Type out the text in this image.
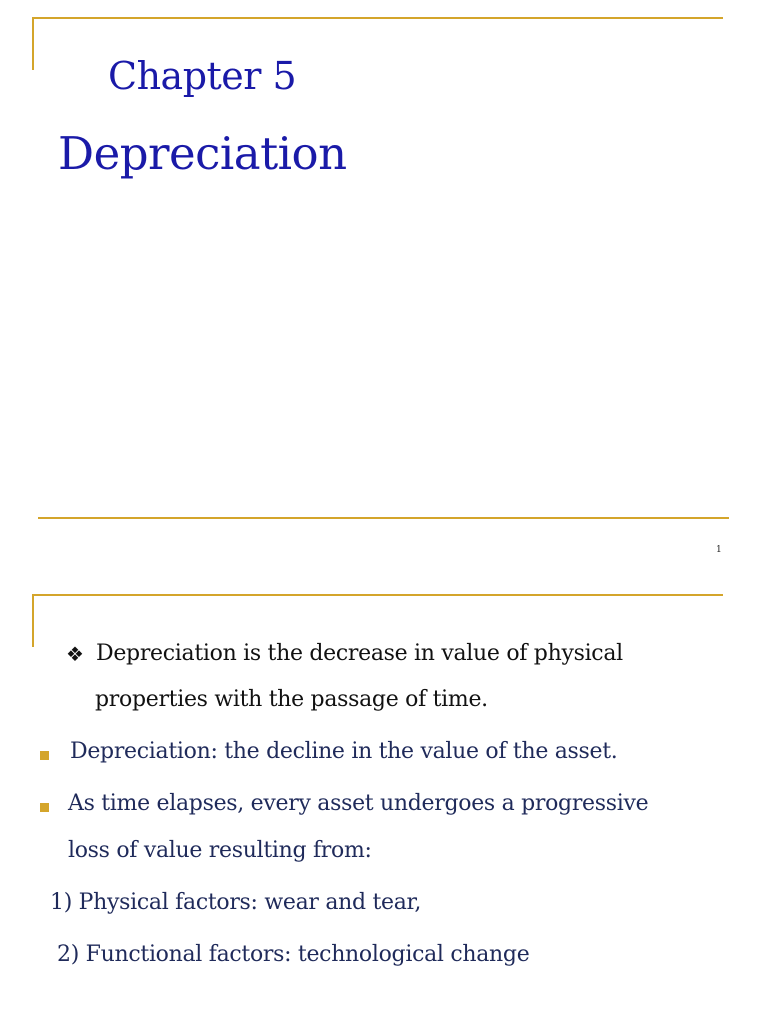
Chapter 5
Depreciation
1
❖ Depreciation is the decrease in value of physical
properties with the passage of time.
Depreciation: the decline in the value of the asset.
As time elapses, every asset undergoes a progressive
loss of value resulting from:
1) Physical factors: wear and tear,
2) Functional factors: technological change
